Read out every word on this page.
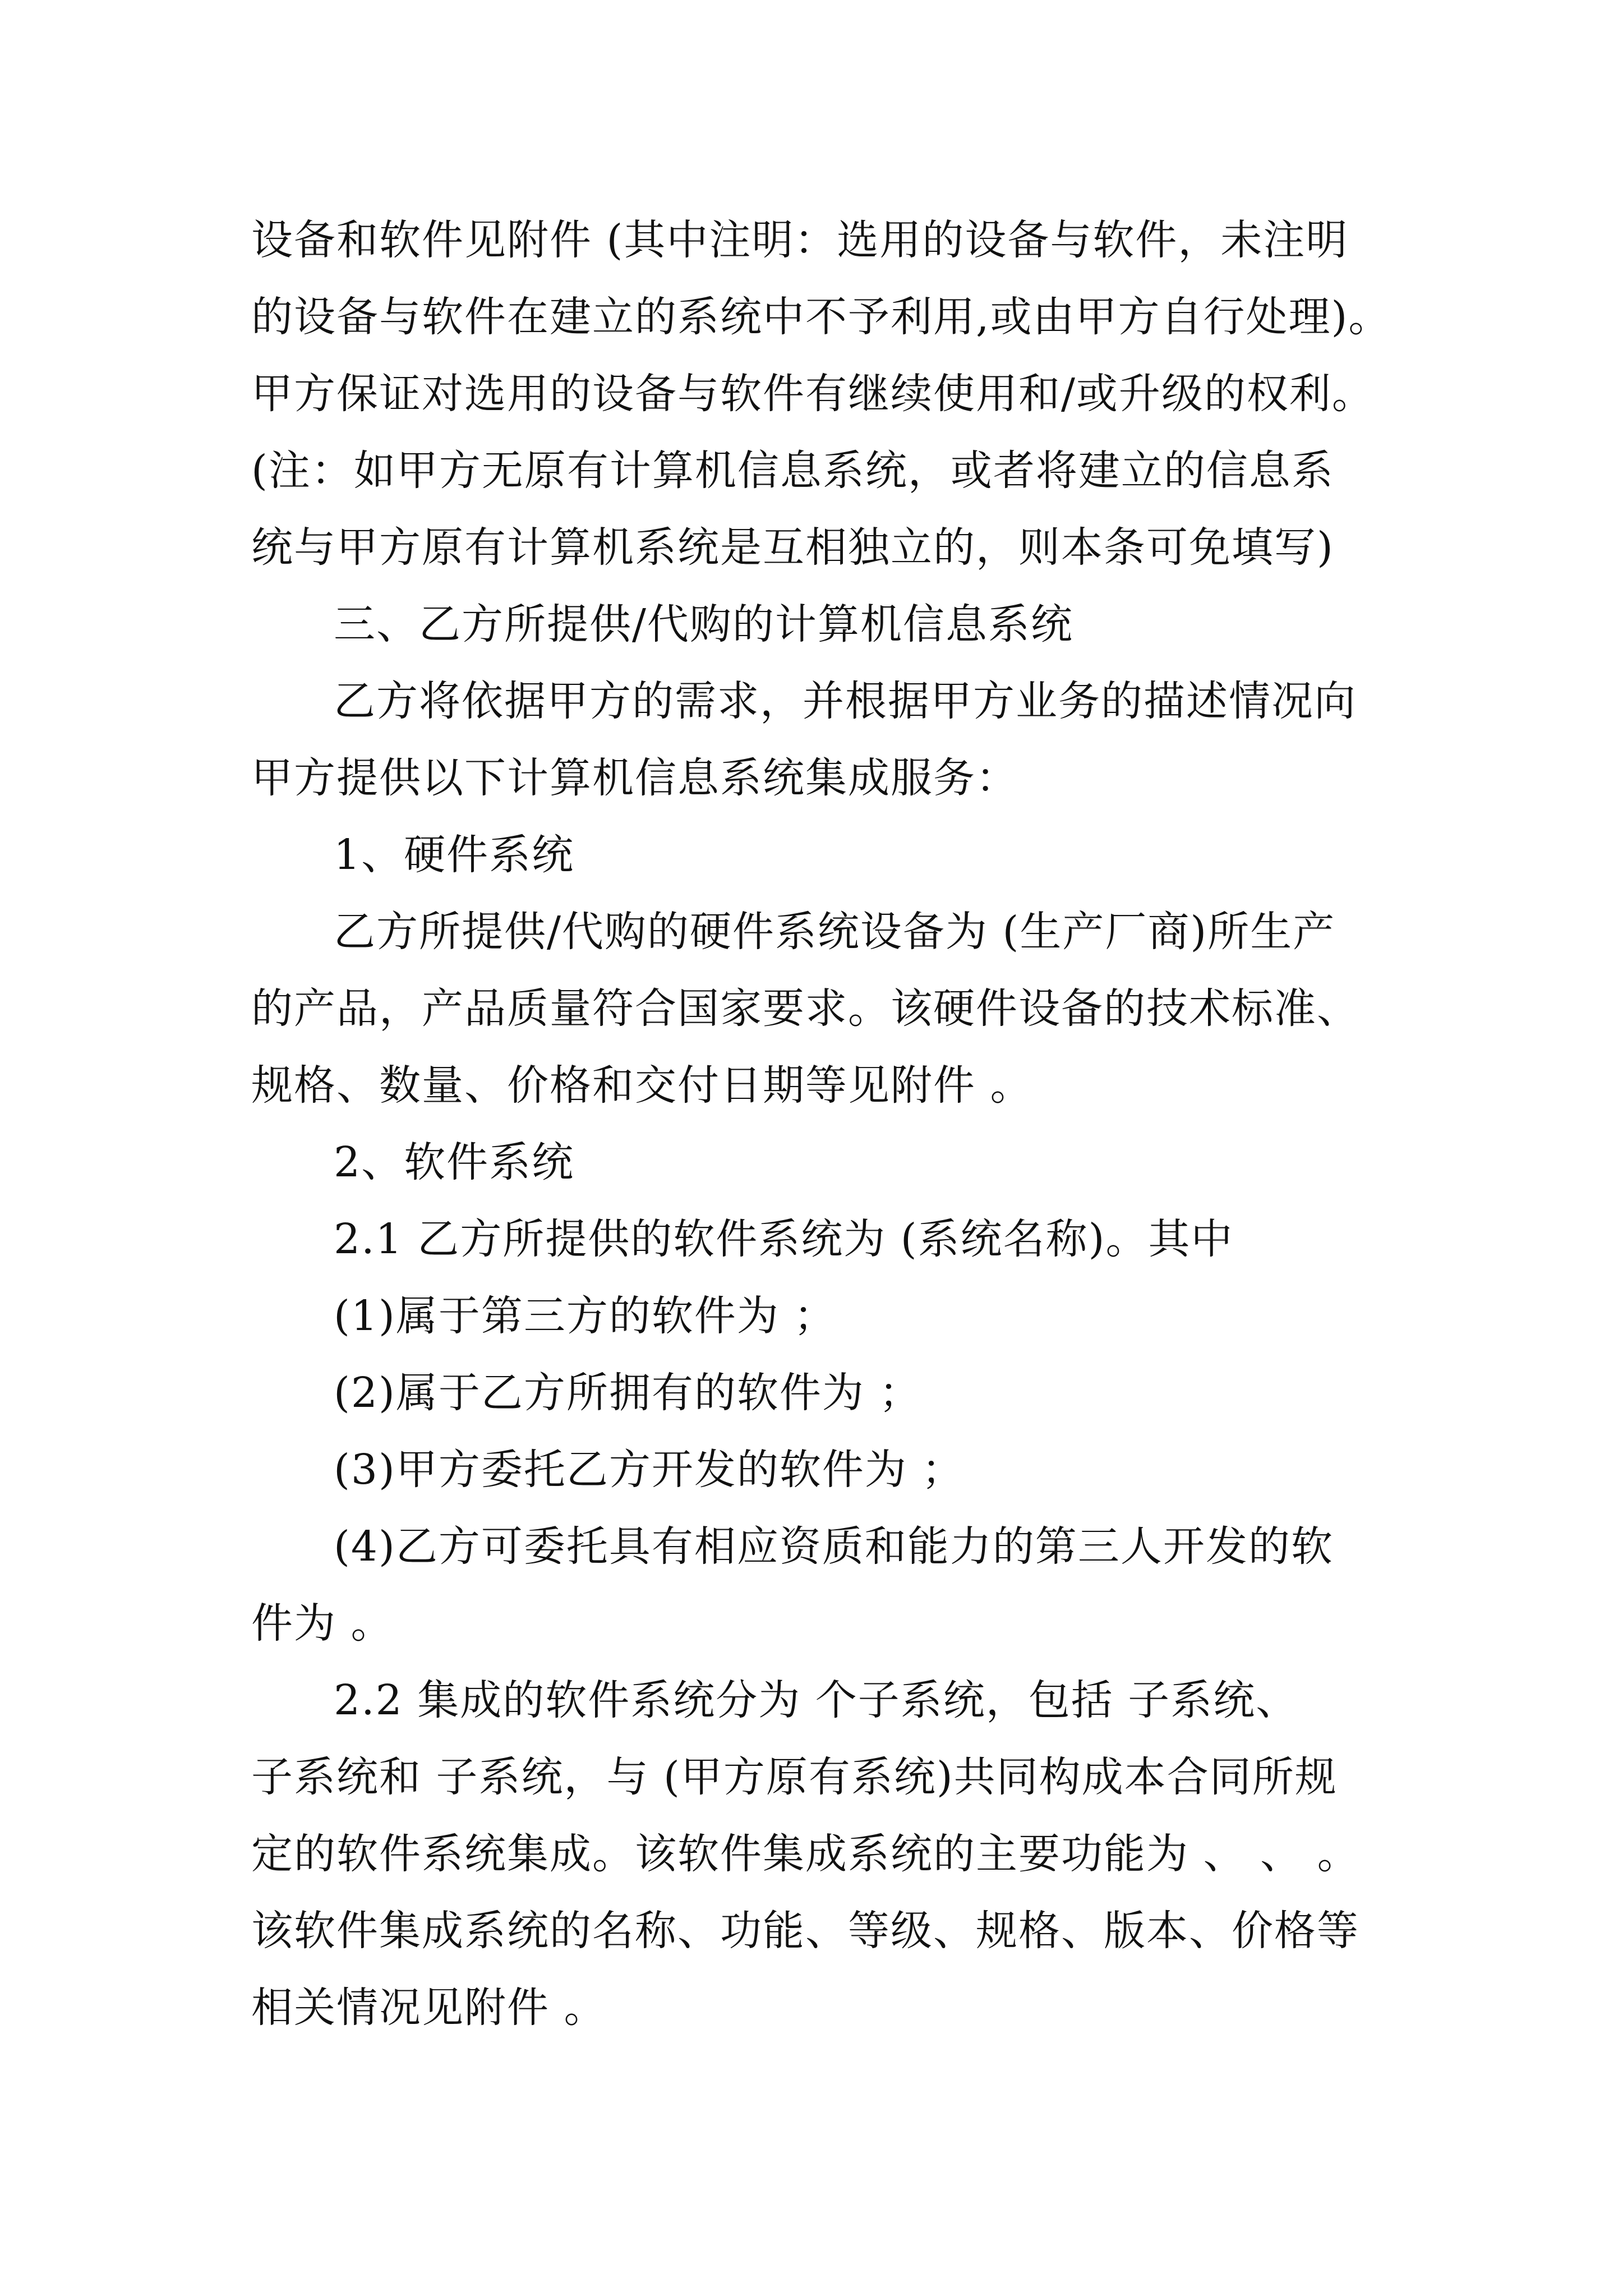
设备和软件见附件 (其中注明：选用的设备与软件，未注明

的设备与软件在建立的系统中不予利用,或由甲方自行处理)。

甲方保证对选用的设备与软件有继续使用和/或升级的权利。

(注：如甲方无原有计算机信息系统，或者将建立的信息系

统与甲方原有计算机系统是互相独立的，则本条可免填写)

三、乙方所提供/代购的计算机信息系统

乙方将依据甲方的需求，并根据甲方业务的描述情况向

甲方提供以下计算机信息系统集成服务：

1、硬件系统

乙方所提供/代购的硬件系统设备为 (生产厂商)所生产

的产品，产品质量符合国家要求。该硬件设备的技术标准、

规格、数量、价格和交付日期等见附件 。

2、软件系统

2.1 乙方所提供的软件系统为 (系统名称)。其中

(1)属于第三方的软件为 ；

(2)属于乙方所拥有的软件为 ；

(3)甲方委托乙方开发的软件为 ；

(4)乙方可委托具有相应资质和能力的第三人开发的软

件为 。

2.2 集成的软件系统分为 个子系统，包括 子系统、

子系统和 子系统，与 (甲方原有系统)共同构成本合同所规

定的软件系统集成。该软件集成系统的主要功能为 、 、 。

该软件集成系统的名称、功能、等级、规格、版本、价格等

相关情况见附件 。
